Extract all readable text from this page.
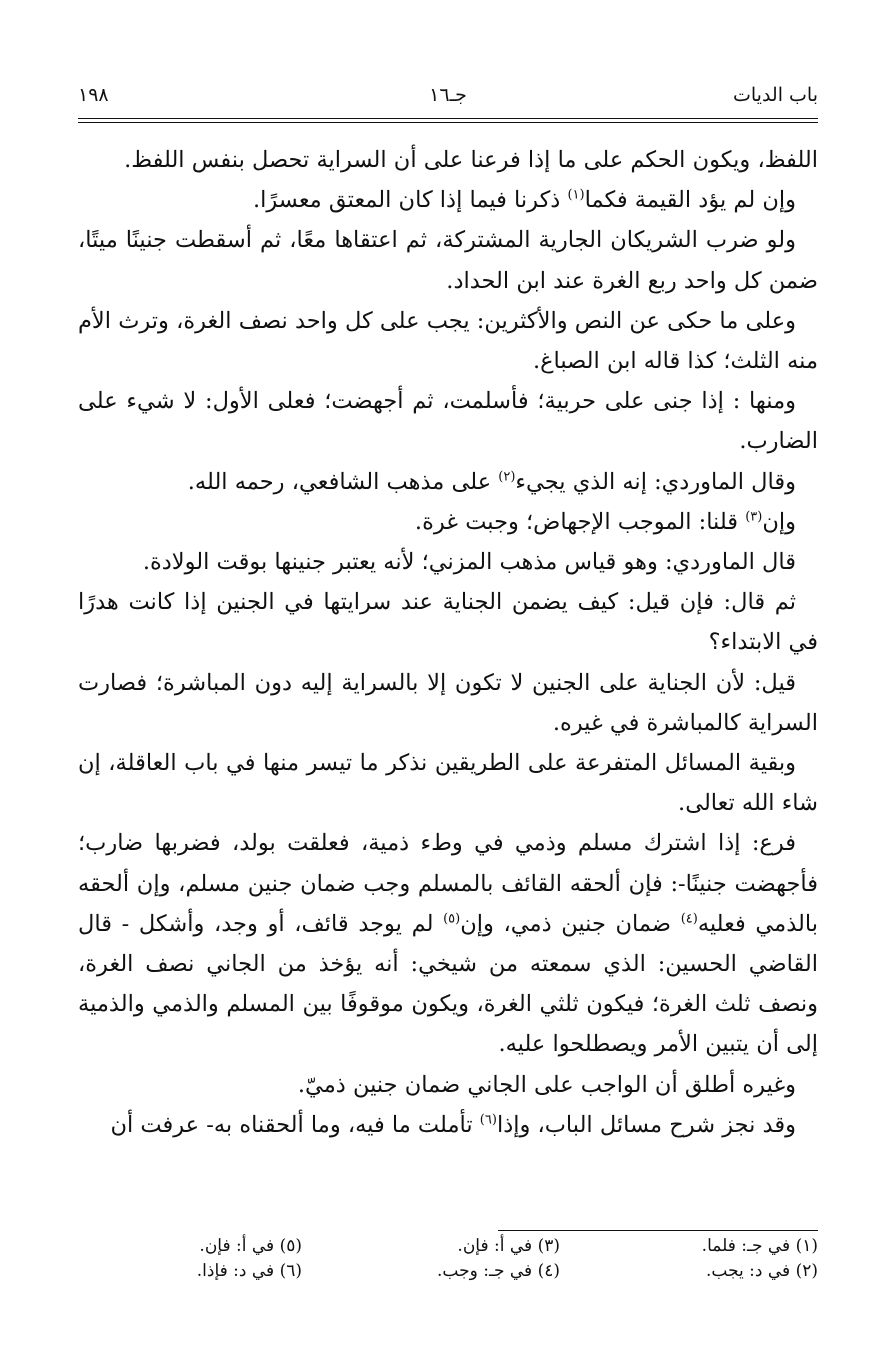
باب الديات
جـ١٦
١٩٨
اللفظ، ويكون الحكم على ما إذا فرعنا على أن السراية تحصل بنفس اللفظ.
وإن لم يؤد القيمة فكما$^{(١)}$ ذكرنا فيما إذا كان المعتق معسرًا.
ولو ضرب الشريكان الجارية المشتركة، ثم اعتقاها معًا، ثم أسقطت جنينًا ميتًا، ضمن كل واحد ربع الغرة عند ابن الحداد.
وعلى ما حكى عن النص والأكثرين: يجب على كل واحد نصف الغرة، وترث الأم منه الثلث؛ كذا قاله ابن الصباغ.
ومنها : إذا جنى على حربية؛ فأسلمت، ثم أجهضت؛ فعلى الأول: لا شيء على الضارب.
وقال الماوردي: إنه الذي يجيء$^{(٢)}$ على مذهب الشافعي، رحمه الله.
وإن$^{(٣)}$ قلنا: الموجب الإجهاض؛ وجبت غرة.
قال الماوردي: وهو قياس مذهب المزني؛ لأنه يعتبر جنينها بوقت الولادة.
ثم قال: فإن قيل: كيف يضمن الجناية عند سرايتها في الجنين إذا كانت هدرًا في الابتداء؟
قيل: لأن الجناية على الجنين لا تكون إلا بالسراية إليه دون المباشرة؛ فصارت السراية كالمباشرة في غيره.
وبقية المسائل المتفرعة على الطريقين نذكر ما تيسر منها في باب العاقلة، إن شاء الله تعالى.
فرع: إذا اشترك مسلم وذمي في وطء ذمية، فعلقت بولد، فضربها ضارب؛ فأجهضت جنينًا-: فإن ألحقه القائف بالمسلم وجب ضمان جنين مسلم، وإن ألحقه بالذمي فعليه$^{(٤)}$ ضمان جنين ذمي، وإن$^{(٥)}$ لم يوجد قائف، أو وجد، وأشكل - قال القاضي الحسين: الذي سمعته من شيخي: أنه يؤخذ من الجاني نصف الغرة، ونصف ثلث الغرة؛ فيكون ثلثي الغرة، ويكون موقوفًا بين المسلم والذمي والذمية إلى أن يتبين الأمر ويصطلحوا عليه.
وغيره أطلق أن الواجب على الجاني ضمان جنين ذميّ.
وقد نجز شرح مسائل الباب، وإذا$^{(٦)}$ تأملت ما فيه، وما ألحقناه به- عرفت أن
(١) في جـ: فلما.
(٢) في د: يجب.
(٣) في أ: فإن.
(٤) في جـ: وجب.
(٥) في أ: فإن.
(٦) في د: فإذا.
